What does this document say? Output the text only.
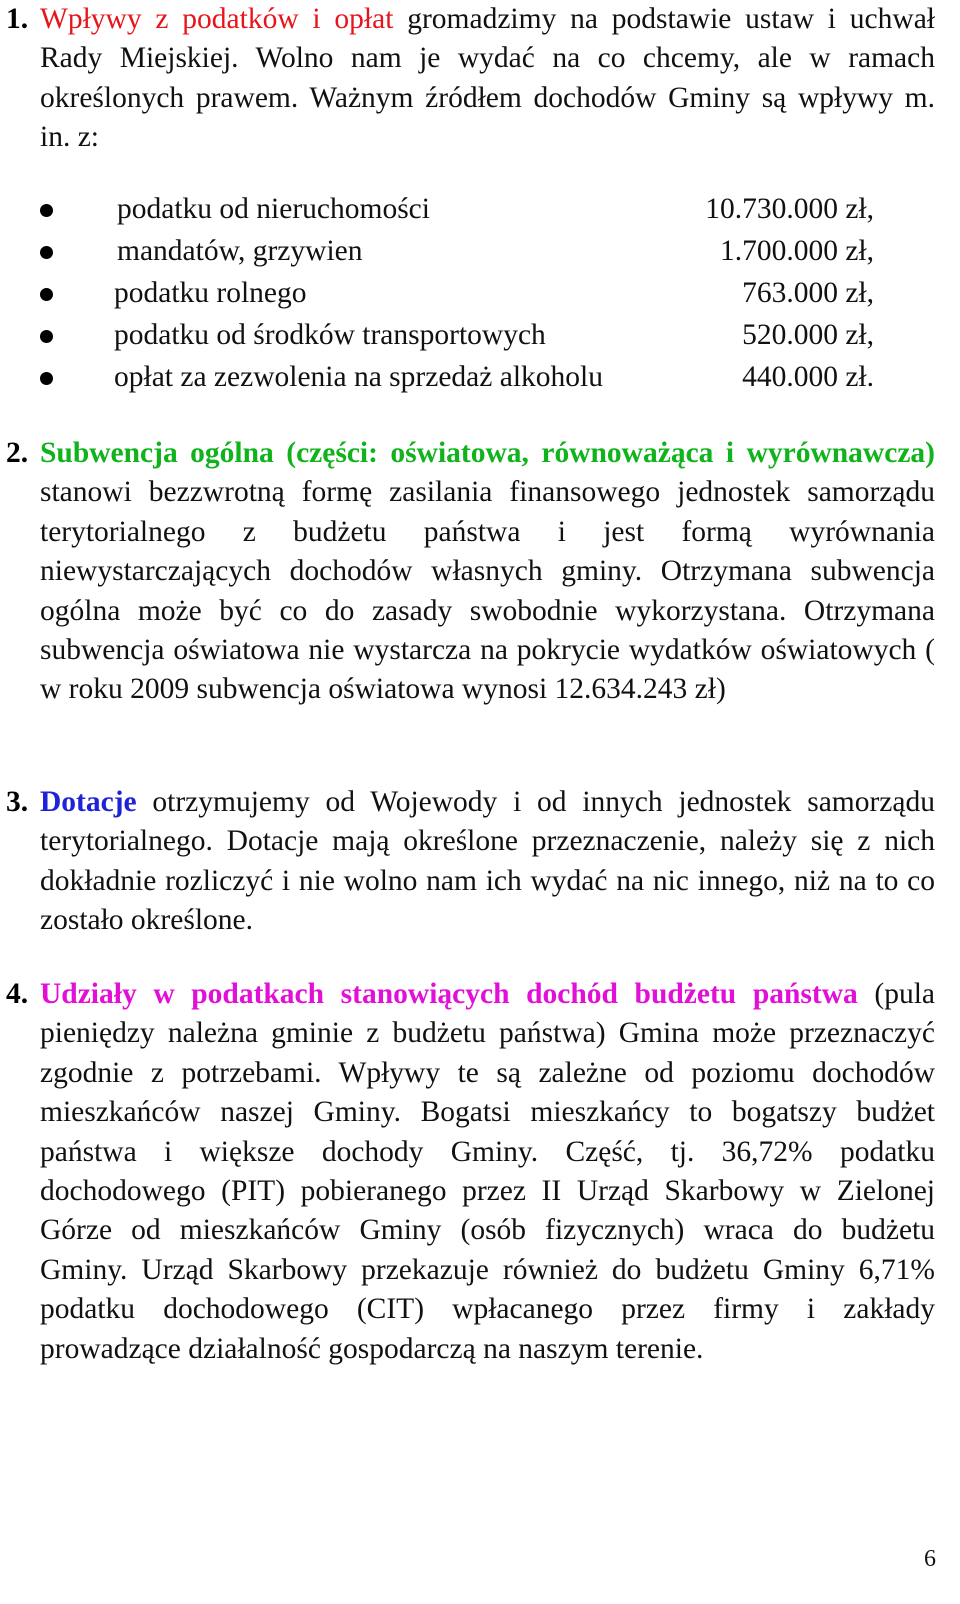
1. Wpływy z podatków i opłat gromadzimy na podstawie ustaw i uchwał Rady Miejskiej. Wolno nam je wydać na co chcemy, ale w ramach określonych prawem. Ważnym źródłem dochodów Gminy są wpływy m. in. z:

podatku od nieruchomości	10.730.000 zł,
mandatów, grzywien	1.700.000 zł,
podatku rolnego	763.000 zł,
podatku od środków transportowych	520.000 zł,
opłat za zezwolenia na sprzedaż alkoholu	440.000 zł.
2. Subwencja ogólna (części: oświatowa, równoważąca i wyrównawcza) stanowi bezzwrotną formę zasilania finansowego jednostek samorządu terytorialnego z budżetu państwa i jest formą wyrównania niewystarczających dochodów własnych gminy. Otrzymana subwencja ogólna może być co do zasady swobodnie wykorzystana. Otrzymana subwencja oświatowa nie wystarcza na pokrycie wydatków oświatowych ( w roku 2009 subwencja oświatowa wynosi 12.634.243 zł)

3. Dotacje otrzymujemy od Wojewody i od innych jednostek samorządu terytorialnego. Dotacje mają określone przeznaczenie, należy się z nich dokładnie rozliczyć i nie wolno nam ich wydać na nic innego, niż na to co zostało określone.

4. Udziały w podatkach stanowiących dochód budżetu państwa (pula pieniędzy należna gminie z budżetu państwa) Gmina może przeznaczyć zgodnie z potrzebami. Wpływy te są zależne od poziomu dochodów mieszkańców naszej Gminy. Bogatsi mieszkańcy to bogatszy budżet państwa i większe dochody Gminy. Część, tj. 36,72% podatku dochodowego (PIT) pobieranego przez II Urząd Skarbowy w Zielonej Górze od mieszkańców Gminy (osób fizycznych) wraca do budżetu Gminy. Urząd Skarbowy przekazuje również do budżetu Gminy 6,71% podatku dochodowego (CIT) wpłacanego przez firmy i zakłady prowadzące działalność gospodarczą na naszym terenie.

6
